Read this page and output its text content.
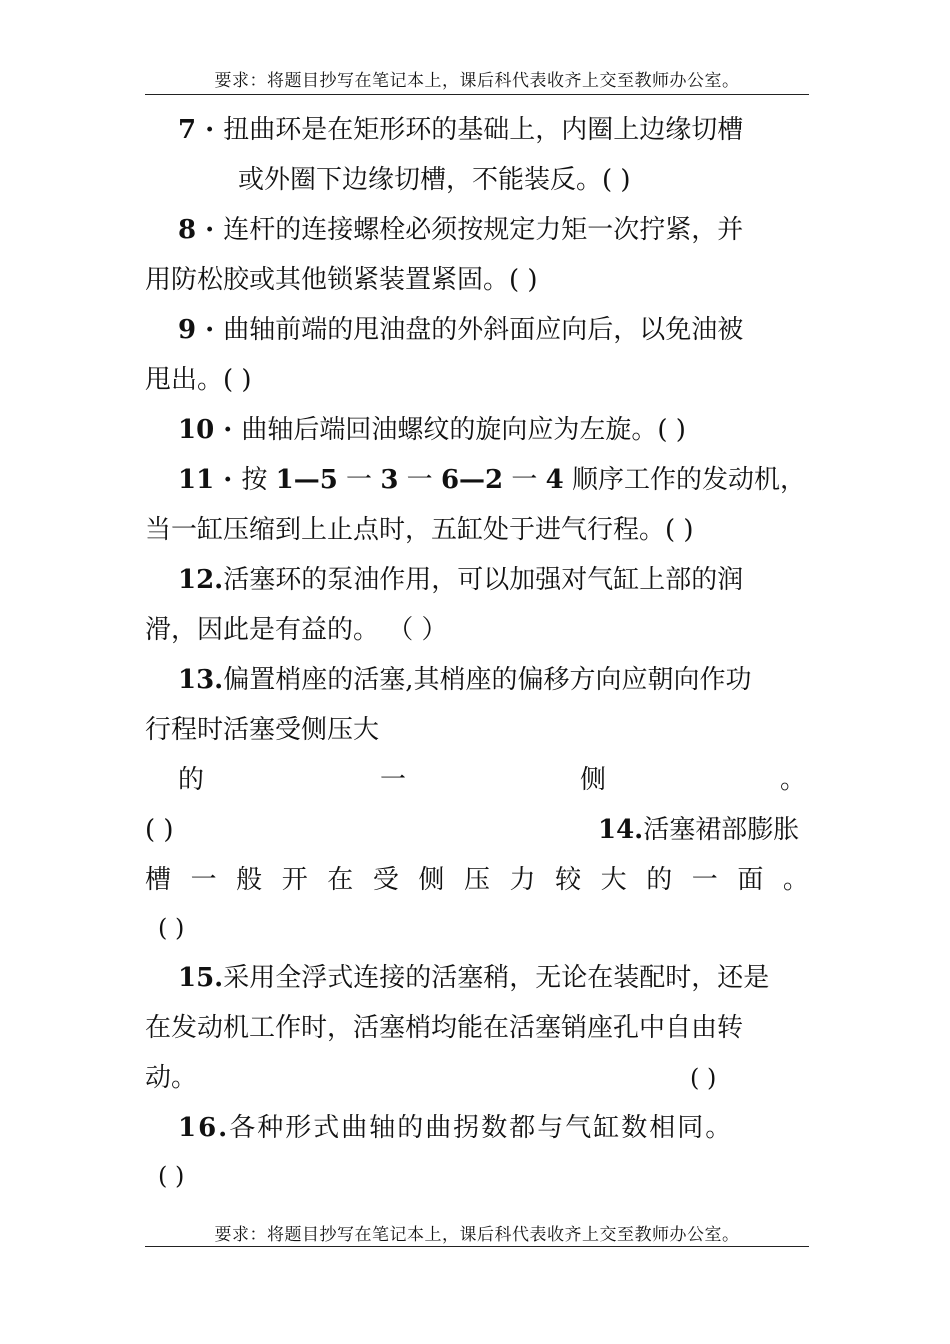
要求：将题目抄写在笔记本上，课后科代表收齐上交至教师办公室。
7 · 扭曲环是在矩形环的基础上，内圈上边缘切槽
或外圈下边缘切槽，不能装反。( )
8 · 连杆的连接螺栓必须按规定力矩一次拧紧，并
用防松胶或其他锁紧装置紧固。( )
9 · 曲轴前端的甩油盘的外斜面应向后，以免油被
甩出。( )
10 · 曲轴后端回油螺纹的旋向应为左旋。( )
11 · 按 1—5 一 3 一 6—2 一 4 顺序工作的发动机，
当一缸压缩到上止点时，五缸处于进气行程。( )
12.活塞环的泵油作用，可以加强对气缸上部的润
滑，因此是有益的。 （ ）
13.偏置梢座的活塞,其梢座的偏移方向应朝向作功
行程时活塞受侧压大
的	一	侧	。
( )	14.活塞裙部膨胀
槽 一 般 开 在 受 侧 压 力 较 大 的 一 面 。
( )
15.采用全浮式连接的活塞稍，无论在装配时，还是
在发动机工作时，活塞梢均能在活塞销座孔中自由转
动。	( )
16.各种形式曲轴的曲拐数都与气缸数相同。
( )
要求：将题目抄写在笔记本上，课后科代表收齐上交至教师办公室。
